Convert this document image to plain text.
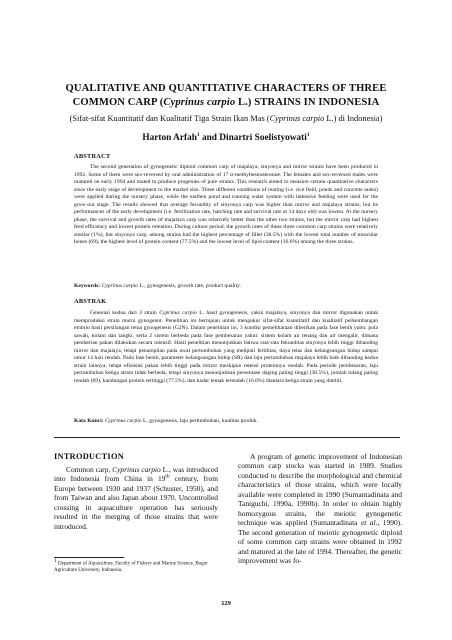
QUALITATIVE AND QUANTITATIVE CHARACTERS OF THREE
COMMON CARP (Cyprinus carpio L.) STRAINS IN INDONESIA
(Sifat-sifat Kuantitatif dan Kualitatif Tiga Strain Ikan Mas (Cyprinus carpio L.) di Indonesia)
Harton Arfah$^1$ and Dinartri Soelistyowati$^1$
ABSTRACT

The second generation of gynogenetic diploid common carp of majalaya, sinyonya and mirror strains have been produced in 1992. Some of them were sex-reversed by oral administration of 17 α-methyltestosteronne. The females and sex-reversed males were matured on early 1994 and mated to produce progenies of pure strains. This research aimed to measure certain quantitative characters since the early stage of development to the market size. Three different conditions of rearing (i.e. rice field, ponds and concrete tanks) were applied during the nursery phase, while the earthen pond and running water system with intensive feeding were used for the grow-out stage. The results showed that average fecundity of sinyonya carp was higher than mirror and majalaya strains, but its performances of the early development (i.e. fertilization rate, hatching rate and survival rate at 14 days old) was lowest. At the nursery phase, the survival and growth rates of majalaya carp was relatively better than the other two strains, but the mirror carp had highest feed efficiency and lowest protein retention. During culture period, the growth rates of these three common carp strains were relatively similar (1%), but sinyonya carp, among strains had the highest percentage of fillet (38.5%) with the lowest total number of muscular bones (69), the highest level of protein content (77.5%) and the lowest level of lipid content (16.6%) among the three strains.

Keywords: Cyprinus carpio L., gynogenesis, growth rate, product quality.
ABSTRAK

Generasi kedua dari 3 strain Cyprinus carpio L. hasil gynogenesis, yakni majalaya, sinyonya dan mirror digunakan untuk memproduksi strain murni gynogenot. Penelitian ini bertujuan untuk mengukur sifat-sifat kuantitatif dan kualitatif perkembangan embrio hasil persilangan tetua gynogenesis (G2N). Dalam penelitian ini, 3 kondisi pemeliharaan diberikan pada fase benih yaitu: pola sawah, kolam dan tangki, serta 2 sistem berbeda pada fase pembesaran yakni: sistem kolam air tenang dan air mengalir, dimana pemberian pakan dilakukan secara intensif. Hasil penelitian menunjukkan bahwa rata-rata fekunditas sinyonya lebih tinggi dibanding mirror dan majalaya, tetapi penampilan pada awal pertumbuhan yang meliputi fertilitas, daya tetas dan kelangsungan hidup sampai umur 14 hari rendah. Pada fase benih, parameter kelangsungan hidup (SR) dan laju pertumbuhan majalaya lebih baik dibanding kedua strain lainnya, tetapi efisiensi pakan lebih tinggi pada mirror meskipun retensi proteinnya rendah. Pada periode pembesaran, laju pertumbuhan ketiga strain tidak berbeda, tetapi sinyonya menunjukkan persentase daging paling tinggi (38.5%), jumlah tulang paling rendah (69), kandungan protein tertinggi (77.5%), dan kadar lemak terendah (16.6%) diantara ketiga strain yang diteliti.

Kata Kunci: Cyprinus carpio L, gynogenesis, laju pertumbuhan, kualitas produk.
INTRODUCTION

Common carp, Cyprinus carpio L., was introduced into Indonesia from China in 19th century, from Europe between 1930 and 1937 (Schuster, 1950), and from Taiwan and also Japan about 1970. Uncontrolled crossing in aquaculture operation has seriously resulted in the merging of those strains that were introduced.

A program of genetic improvement of Indonesian common carp stocks was started in 1989. Studies conducted to describe the morphological and chemical characteristics of those strains, which were locally available were completed in 1990 (Sumantadinata and Taniguchi, 1990a, 1990b). In order to obtain highly homozygous strains, the meiotic gynogenetic technique was applied (Sumantadinata et al., 1990). The second generation of meiotic gynogenetic diploid of some common carp strains were obtained in 1992 and matured at the late of 1994. Thereafter, the genetic improvement was fo-

$^1$ Department of Aquaculture, Faculty of Fishery and Marine Science. Bogor Agriculture University, Indonesia.
129
